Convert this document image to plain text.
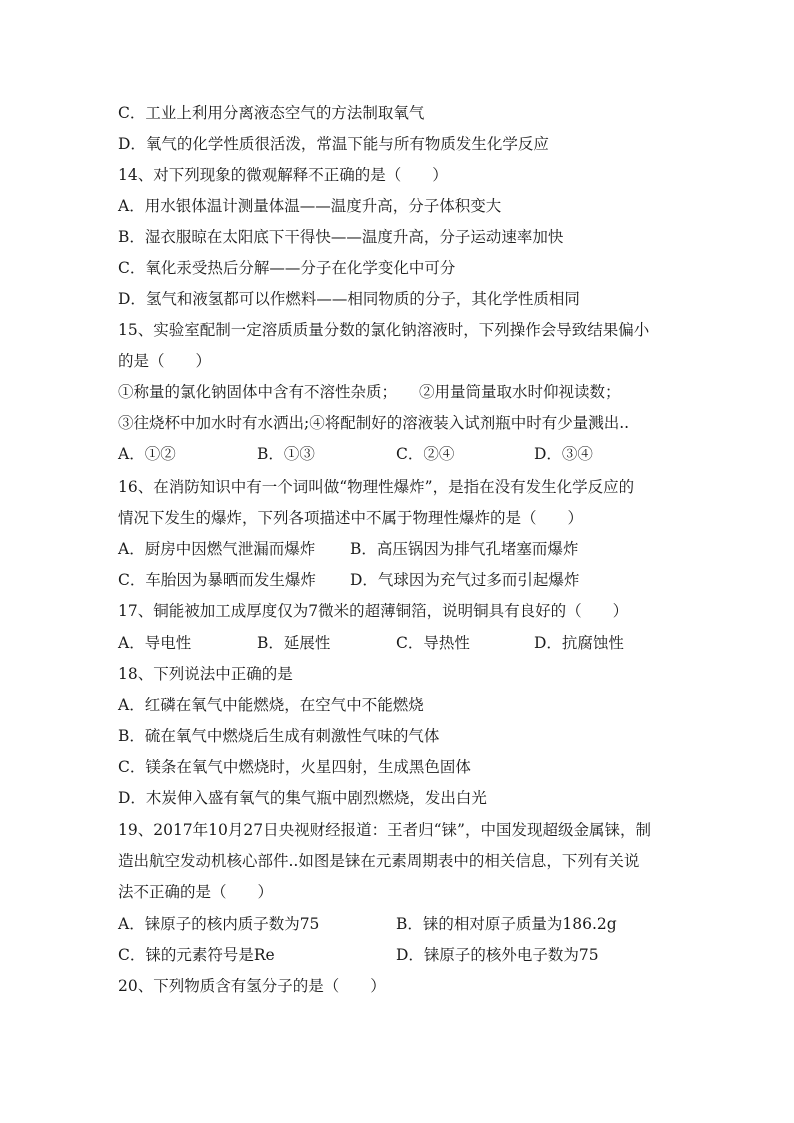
C．工业上利用分离液态空气的方法制取氧气
D．氧气的化学性质很活泼，常温下能与所有物质发生化学反应
14、对下列现象的微观解释不正确的是（　　）
A．用水银体温计测量体温——温度升高，分子体积变大
B．湿衣服晾在太阳底下干得快——温度升高，分子运动速率加快
C．氧化汞受热后分解——分子在化学变化中可分
D．氢气和液氢都可以作燃料——相同物质的分子，其化学性质相同
15、实验室配制一定溶质质量分数的氯化钠溶液时，下列操作会导致结果偏小
的是（　　）
①称量的氯化钠固体中含有不溶性杂质； ②用量筒量取水时仰视读数；
③往烧杯中加水时有水洒出;④将配制好的溶液装入试剂瓶中时有少量溅出..
A．①②	B．①③	C．②④	D．③④
16、在消防知识中有一个词叫做“物理性爆炸”，是指在没有发生化学反应的
情况下发生的爆炸，下列各项描述中不属于物理性爆炸的是（　　）
A．厨房中因燃气泄漏而爆炸 B．高压锅因为排气孔堵塞而爆炸
C．车胎因为暴晒而发生爆炸 D．气球因为充气过多而引起爆炸
17、铜能被加工成厚度仅为7微米的超薄铜箔，说明铜具有良好的（　　）
A．导电性	B．延展性	C．导热性	D．抗腐蚀性
18、下列说法中正确的是
A．红磷在氧气中能燃烧，在空气中不能燃烧
B．硫在氧气中燃烧后生成有刺激性气味的气体
C．镁条在氧气中燃烧时，火星四射，生成黑色固体
D．木炭伸入盛有氧气的集气瓶中剧烈燃烧，发出白光
19、2017年10月27日央视财经报道：王者归“铼”，中国发现超级金属铼，制
造出航空发动机核心部件..如图是铼在元素周期表中的相关信息，下列有关说
法不正确的是（　　）
A．铼原子的核内质子数为75	B．铼的相对原子质量为186.2g
C．铼的元素符号是Re	D．铼原子的核外电子数为75
20、下列物质含有氢分子的是（　　）
